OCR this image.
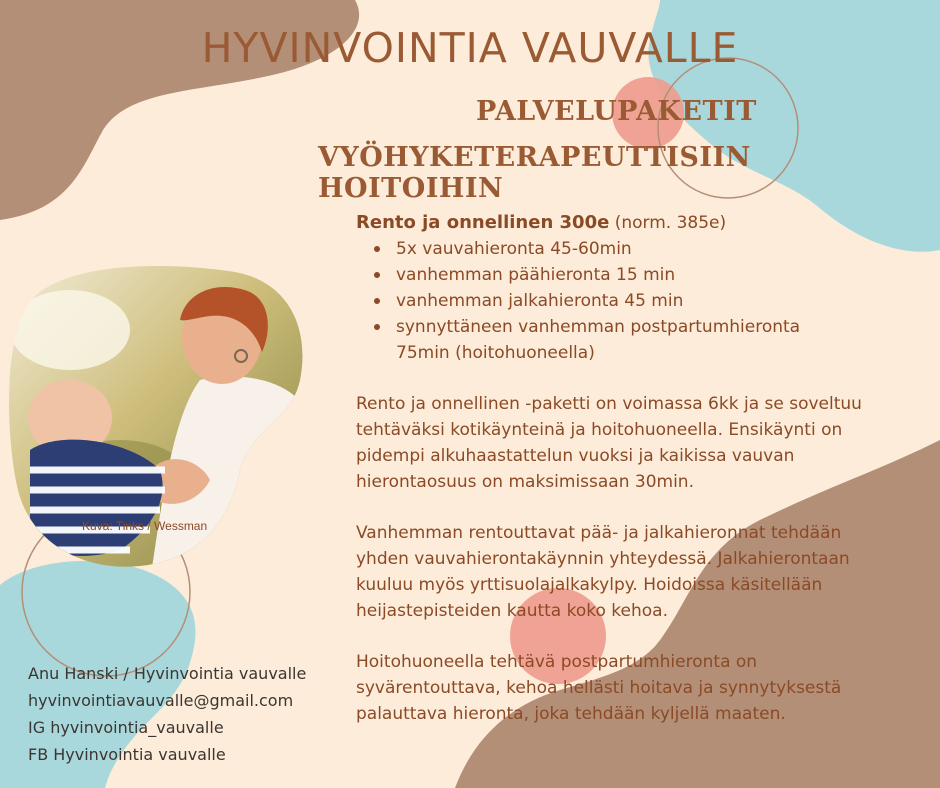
HYVINVOINTIA VAUVALLE
PALVELUPAKETIT
VYÖHYKETERAPEUTTISIIN HOITOIHIN

Rento ja onnellinen 300e (norm. 385e)

5x vauvahieronta 45-60min
vanhemman päähieronta 15 min
vanhemman jalkahieronta 45 min
synnyttäneen vanhemman postpartumhieronta 75min (hoitohuoneella)

Rento ja onnellinen -paketti on voimassa 6kk ja se soveltuu tehtäväksi kotikäynteinä ja hoitohuoneella. Ensikäynti on pidempi alkuhaastattelun vuoksi ja kaikissa vauvan hierontaosuus on maksimissaan 30min.

Vanhemman rentouttavat pää- ja jalkahieronnat tehdään yhden vauvahierontakäynnin yhteydessä. Jalkahierontaan kuuluu myös yrttisuolajalkakylpy. Hoidoissa käsitellään heijastepisteiden kautta koko kehoa.

Hoitohuoneella tehtävä postpartumhieronta on syvärentouttava, kehoa hellästi hoitava ja synnytyksestä palauttava hieronta, joka tehdään kyljellä maaten.

Kuva: Tinks / Wessman
Anu Hanski / Hyvinvointia vauvalle
hyvinvointiavauvalle@gmail.com
IG hyvinvointia_vauvalle
FB Hyvinvointia vauvalle
